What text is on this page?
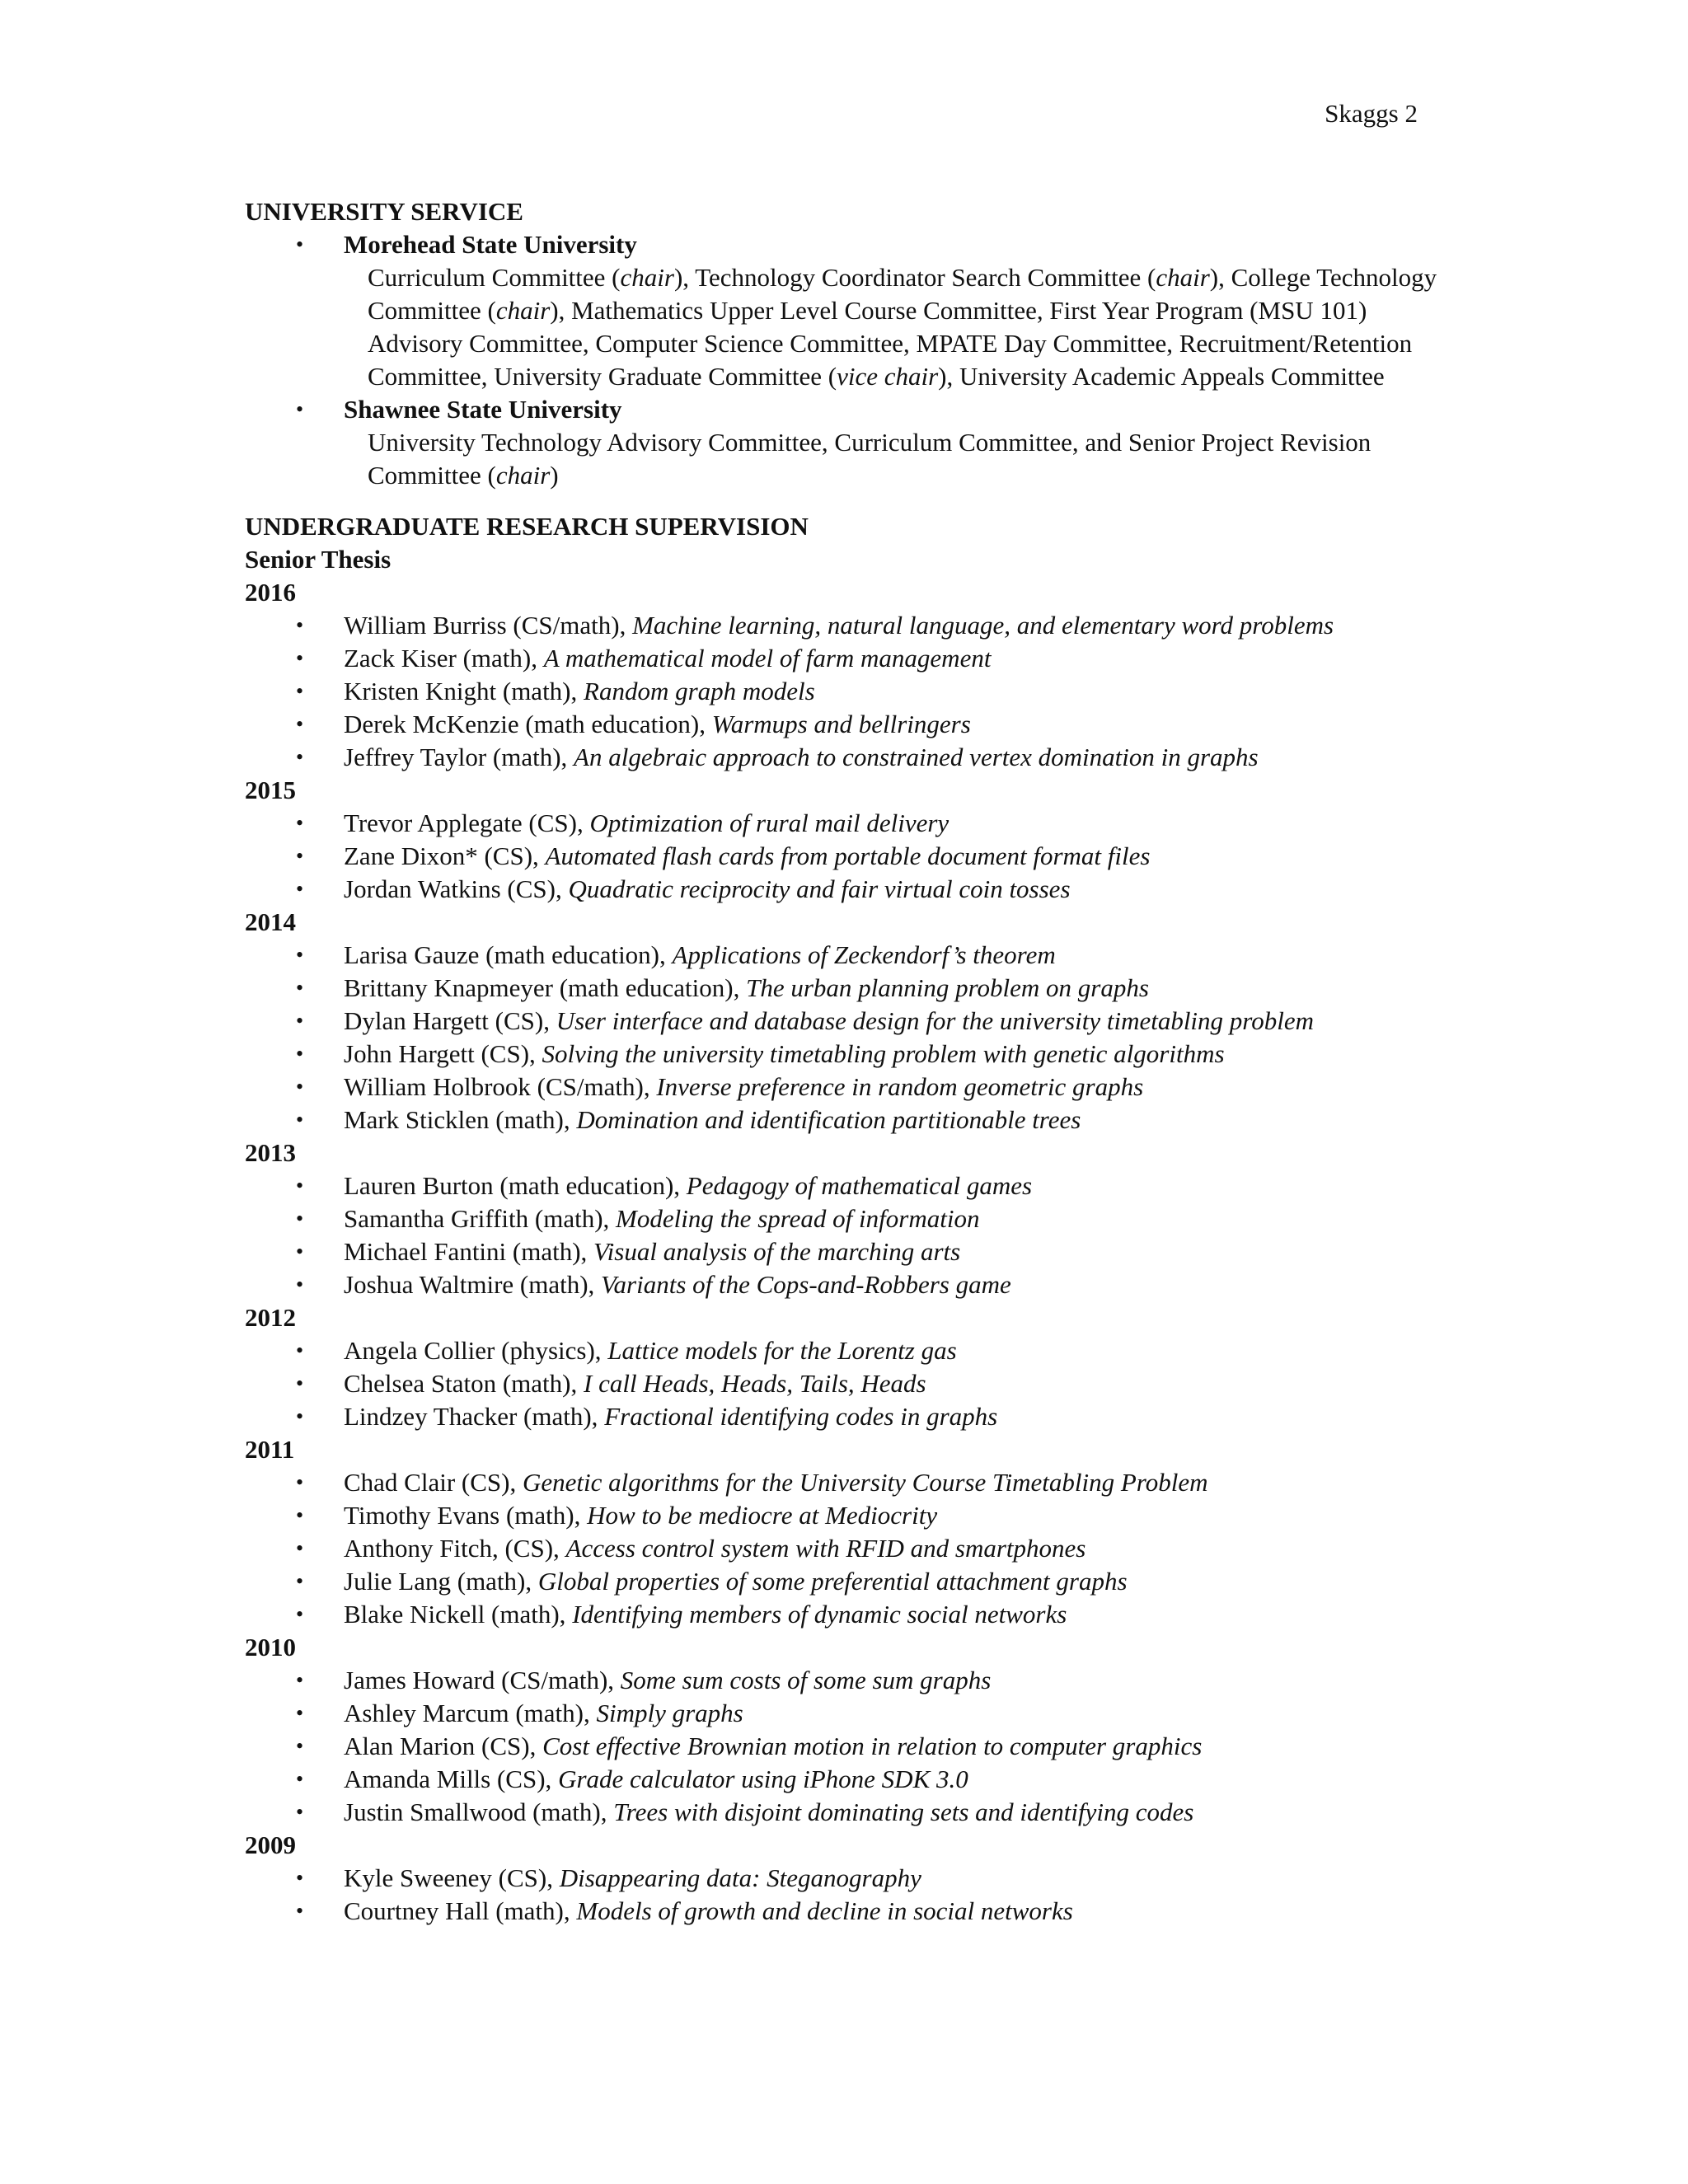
Skaggs 2
UNIVERSITY SERVICE
• Morehead State University
Curriculum Committee (chair), Technology Coordinator Search Committee (chair), College Technology Committee (chair), Mathematics Upper Level Course Committee, First Year Program (MSU 101) Advisory Committee, Computer Science Committee, MPATE Day Committee, Recruitment/Retention Committee, University Graduate Committee (vice chair), University Academic Appeals Committee
• Shawnee State University
University Technology Advisory Committee, Curriculum Committee, and Senior Project Revision Committee (chair)
UNDERGRADUATE RESEARCH SUPERVISION
Senior Thesis
2016
• William Burriss (CS/math), Machine learning, natural language, and elementary word problems
• Zack Kiser (math), A mathematical model of farm management
• Kristen Knight (math), Random graph models
• Derek McKenzie (math education), Warmups and bellringers
• Jeffrey Taylor (math), An algebraic approach to constrained vertex domination in graphs
2015
• Trevor Applegate (CS), Optimization of rural mail delivery
• Zane Dixon* (CS), Automated flash cards from portable document format files
• Jordan Watkins (CS), Quadratic reciprocity and fair virtual coin tosses
2014
• Larisa Gauze (math education), Applications of Zeckendorf’s theorem
• Brittany Knapmeyer (math education), The urban planning problem on graphs
• Dylan Hargett (CS), User interface and database design for the university timetabling problem
• John Hargett (CS), Solving the university timetabling problem with genetic algorithms
• William Holbrook (CS/math), Inverse preference in random geometric graphs
• Mark Sticklen (math), Domination and identification partitionable trees
2013
• Lauren Burton (math education), Pedagogy of mathematical games
• Samantha Griffith (math), Modeling the spread of information
• Michael Fantini (math), Visual analysis of the marching arts
• Joshua Waltmire (math), Variants of the Cops-and-Robbers game
2012
• Angela Collier (physics), Lattice models for the Lorentz gas
• Chelsea Staton (math), I call Heads, Heads, Tails, Heads
• Lindzey Thacker (math), Fractional identifying codes in graphs
2011
• Chad Clair (CS), Genetic algorithms for the University Course Timetabling Problem
• Timothy Evans (math), How to be mediocre at Mediocrity
• Anthony Fitch, (CS), Access control system with RFID and smartphones
• Julie Lang (math), Global properties of some preferential attachment graphs
• Blake Nickell (math), Identifying members of dynamic social networks
2010
• James Howard (CS/math), Some sum costs of some sum graphs
• Ashley Marcum (math), Simply graphs
• Alan Marion (CS), Cost effective Brownian motion in relation to computer graphics
• Amanda Mills (CS), Grade calculator using iPhone SDK 3.0
• Justin Smallwood (math), Trees with disjoint dominating sets and identifying codes
2009
• Kyle Sweeney (CS), Disappearing data: Steganography
• Courtney Hall (math), Models of growth and decline in social networks
